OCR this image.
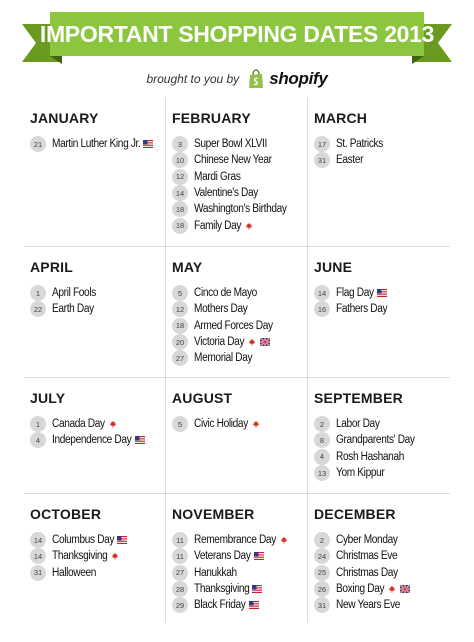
IMPORTANT SHOPPING DATES 2013
brought to you by shopify
JANUARY
21 Martin Luther King Jr.
FEBRUARY
3	Super Bowl XLVII
10 Chinese New Year
12 Mardi Gras
14 Valentine's Day
18 Washington's Birthday
18 Family Day
MARCH
17 St. Patricks
31 Easter
APRIL
1	April Fools
22 Earth Day
MAY
5	Cinco de Mayo
12 Mothers Day
18 Armed Forces Day
20 Victoria Day
27 Memorial Day
JUNE
14 Flag Day
16 Fathers Day
JULY
1	Canada Day
4	Independence Day
AUGUST
5	Civic Holiday
SEPTEMBER
2	Labor Day
8	Grandparents' Day
4	Rosh Hashanah
13 Yom Kippur
OCTOBER
14 Columbus Day
14 Thanksgiving
31 Halloween
NOVEMBER
11 Remembrance Day
11 Veterans Day
27 Hanukkah
28 Thanksgiving
29 Black Friday
DECEMBER
2	Cyber Monday
24 Christmas Eve
25 Christmas Day
26 Boxing Day
31 New Years Eve
